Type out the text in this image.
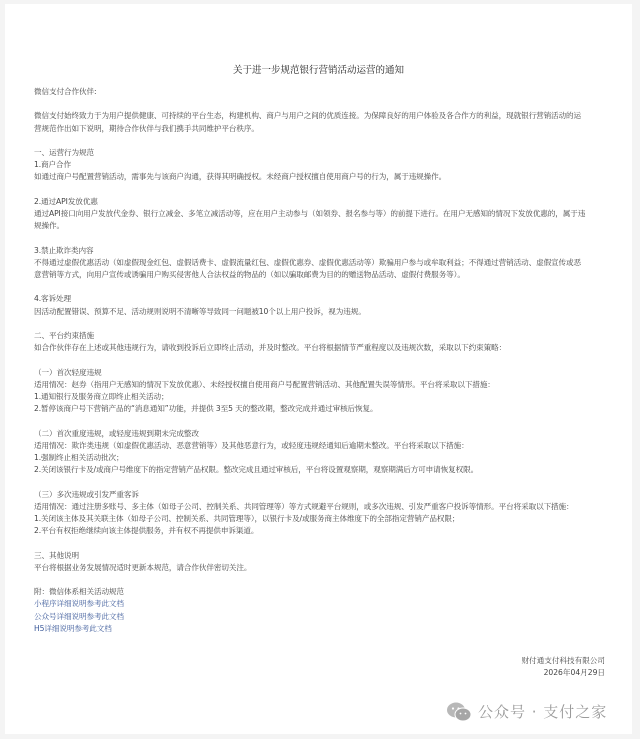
关于进一步规范银行营销活动运营的通知

微信支付合作伙伴:

微信支付始终致力于为用户提供健康、可持续的平台生态，构建机构、商户与用户之间的优质连接。为保障良好的用户体验及各合作方的利益，现就银行营销活动的运

营规范作出如下说明，期待合作伙伴与我们携手共同维护平台秩序。

一、运营行为规范

1.商户合作

如通过商户号配置营销活动，需事先与该商户沟通，获得其明确授权。未经商户授权擅自使用商户号的行为，属于违规操作。

2.通过API发放优惠

通过API接口向用户发放代金券、银行立减金、多笔立减活动等，应在用户主动参与（如领券、报名参与等）的前提下进行。在用户无感知的情况下发放优惠的，属于违

规操作。

3.禁止欺诈类内容

不得通过虚假优惠活动（如虚假现金红包、虚假话费卡、虚假流量红包、虚假优惠券、虚假优惠活动等）欺骗用户参与或牟取利益；不得通过营销活动、虚假宣传或恶

意营销等方式，向用户宣传或诱骗用户购买侵害他人合法权益的物品的（如以骗取邮费为目的的赠送物品活动、虚假付费服务等）。

4.客诉处理

因活动配置错误、预算不足、活动规则说明不清晰等导致同一问题被10个以上用户投诉，视为违规。

二、平台约束措施

如合作伙伴存在上述或其他违规行为，请收到投诉后立即终止活动，并及时整改。平台将根据情节严重程度以及违规次数，采取以下约束策略：

（一）首次轻度违规

适用情况：赵券（指用户无感知的情况下发放优惠）、未经授权擅自使用商户号配置营销活动、其他配置失误等情形。平台将采取以下措施：

1.通知银行及服务商立即终止相关活动；

2.暂停该商户号下营销产品的“消息通知”功能，并提供 3至5 天的整改期，整改完成并通过审核后恢复。

（二）首次重度违规，或轻度违规到期未完成整改

适用情况：欺诈类违规（如虚假优惠活动、恶意营销等）及其他恶意行为，或轻度违规经通知后逾期未整改。平台将采取以下措施：

1.强制终止相关活动批次；

2.关闭该银行卡及/或商户号维度下的指定营销产品权限。整改完成且通过审核后，平台将设置观察期，观察期满后方可申请恢复权限。

（三）多次违规或引发严重客诉

适用情况：通过注册多账号、多主体（如母子公司、控制关系、共同管理等）等方式规避平台规则，或多次违规、引发严重客户投诉等情形。平台将采取以下措施：

1.关闭该主体及其关联主体（如母子公司、控制关系、共同管理等），以银行卡及/或服务商主体维度下的全部指定营销产品权限；

2.平台有权拒绝继续向该主体提供服务，并有权不再提供申诉渠道。

三、其他说明

平台将根据业务发展情况适时更新本规范，请合作伙伴密切关注。

附：微信体系相关活动规范

小程序详细说明参考此文档

公众号详细说明参考此文档

H5详细说明参考此文档

财付通支付科技有限公司
2026年04月29日
公众号 · 支付之家
